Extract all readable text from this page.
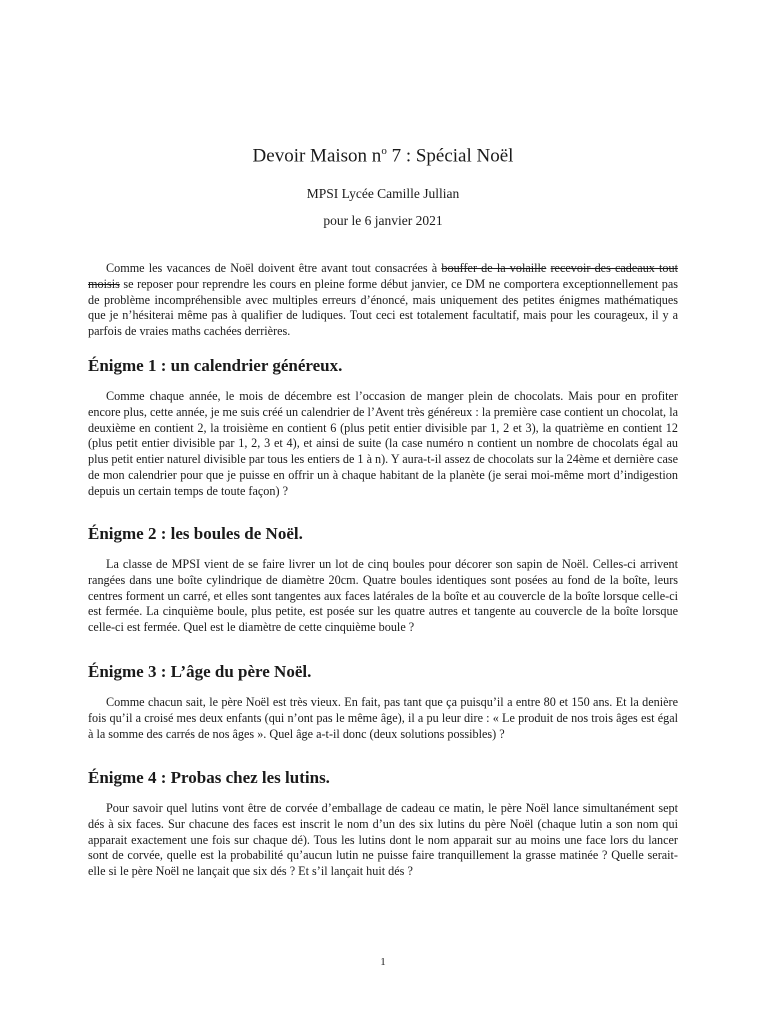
Devoir Maison $n^o$ 7 : Spécial Noël
MPSI Lycée Camille Jullian
pour le 6 janvier 2021

Comme les vacances de Noël doivent être avant tout consacrées à bouffer de la volaille recevoir des cadeaux tout moisis se reposer pour reprendre les cours en pleine forme début janvier, ce DM ne comportera exceptionnellement pas de problème incompréhensible avec multiples erreurs d’énoncé, mais uniquement des petites énigmes mathématiques que je n’hésiterai même pas à qualifier de ludiques. Tout ceci est totalement facultatif, mais pour les courageux, il y a parfois de vraies maths cachées derrières.

Énigme 1 : un calendrier généreux.

Comme chaque année, le mois de décembre est l’occasion de manger plein de chocolats. Mais pour en profiter encore plus, cette année, je me suis créé un calendrier de l’Avent très généreux : la première case contient un chocolat, la deuxième en contient 2, la troisième en contient 6 (plus petit entier divisible par 1, 2 et 3), la quatrième en contient 12 (plus petit entier divisible par 1, 2, 3 et 4), et ainsi de suite (la case numéro n contient un nombre de chocolats égal au plus petit entier naturel divisible par tous les entiers de 1 à n). Y aura-t-il assez de chocolats sur la 24ème et dernière case de mon calendrier pour que je puisse en offrir un à chaque habitant de la planète (je serai moi-même mort d’indigestion depuis un certain temps de toute façon) ?

Énigme 2 : les boules de Noël.

La classe de MPSI vient de se faire livrer un lot de cinq boules pour décorer son sapin de Noël. Celles-ci arrivent rangées dans une boîte cylindrique de diamètre 20cm. Quatre boules identiques sont posées au fond de la boîte, leurs centres forment un carré, et elles sont tangentes aux faces latérales de la boîte et au couvercle de la boîte lorsque celle-ci est fermée. La cinquième boule, plus petite, est posée sur les quatre autres et tangente au couvercle de la boîte lorsque celle-ci est fermée. Quel est le diamètre de cette cinquième boule ?

Énigme 3 : L’âge du père Noël.

Comme chacun sait, le père Noël est très vieux. En fait, pas tant que ça puisqu’il a entre 80 et 150 ans. Et la denière fois qu’il a croisé mes deux enfants (qui n’ont pas le même âge), il a pu leur dire : « Le produit de nos trois âges est égal à la somme des carrés de nos âges ». Quel âge a-t-il donc (deux solutions possibles) ?

Énigme 4 : Probas chez les lutins.

Pour savoir quel lutins vont être de corvée d’emballage de cadeau ce matin, le père Noël lance simultanément sept dés à six faces. Sur chacune des faces est inscrit le nom d’un des six lutins du père Noël (chaque lutin a son nom qui apparait exactement une fois sur chaque dé). Tous les lutins dont le nom apparait sur au moins une face lors du lancer sont de corvée, quelle est la probabilité qu’aucun lutin ne puisse faire tranquillement la grasse matinée ? Quelle serait-elle si le père Noël ne lançait que six dés ? Et s’il lançait huit dés ?

1
